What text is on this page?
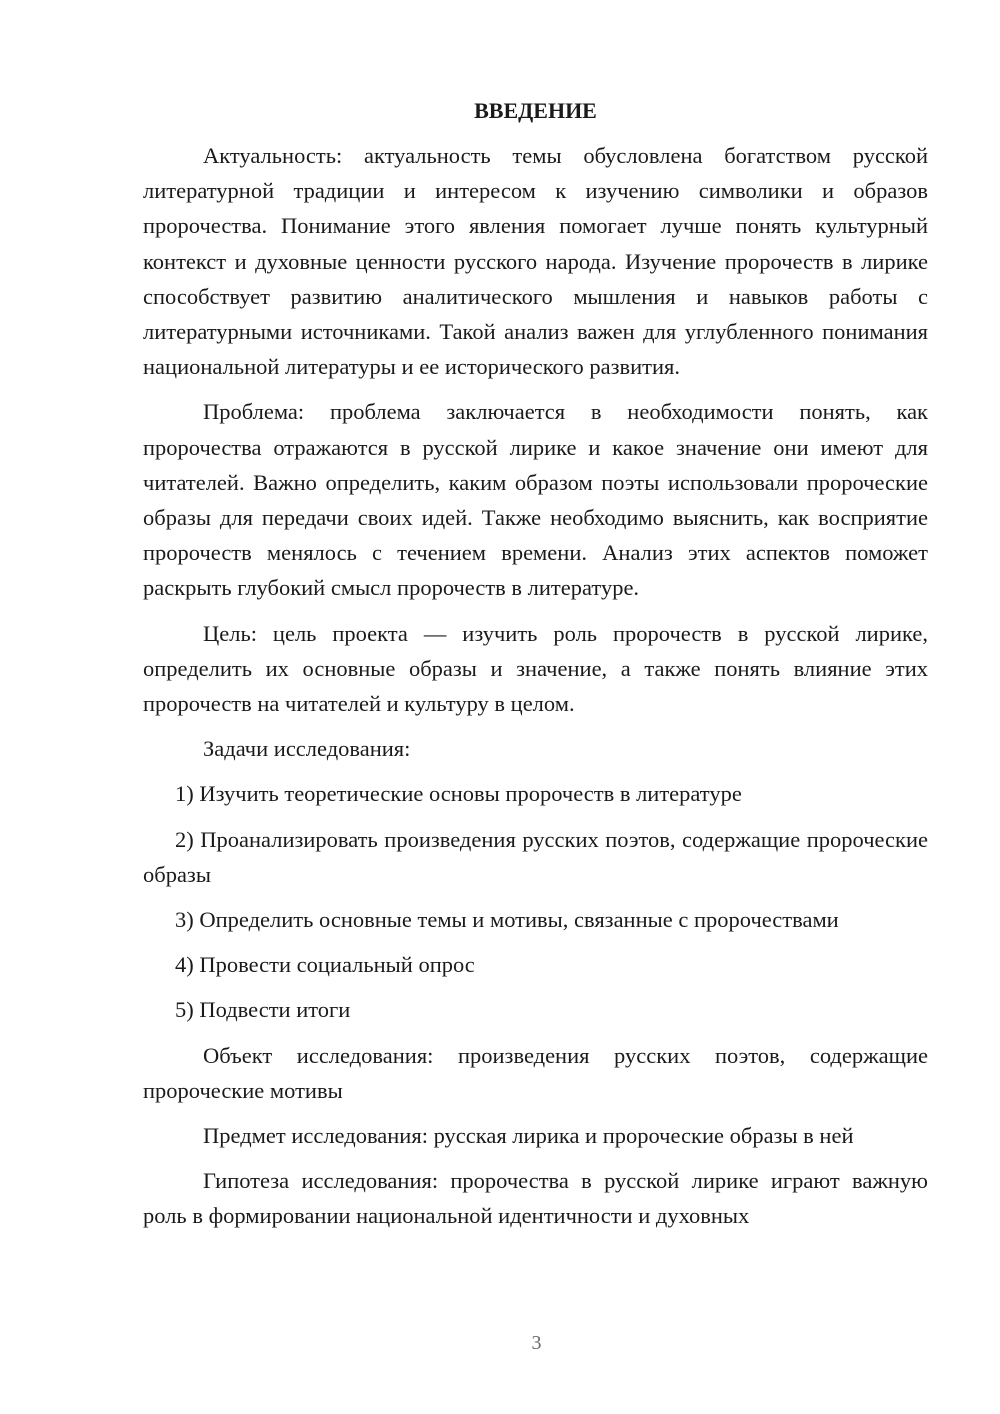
ВВЕДЕНИЕ

Актуальность: актуальность темы обусловлена богатством русской литературной традиции и интересом к изучению символики и образов пророчества. Понимание этого явления помогает лучше понять культурный контекст и духовные ценности русского народа. Изучение пророчеств в лирике способствует развитию аналитического мышления и навыков работы с литературными источниками. Такой анализ важен для углубленного понимания национальной литературы и ее исторического развития.

Проблема: проблема заключается в необходимости понять, как пророчества отражаются в русской лирике и какое значение они имеют для читателей. Важно определить, каким образом поэты использовали пророческие образы для передачи своих идей. Также необходимо выяснить, как восприятие пророчеств менялось с течением времени. Анализ этих аспектов поможет раскрыть глубокий смысл пророчеств в литературе.

Цель: цель проекта — изучить роль пророчеств в русской лирике, определить их основные образы и значение, а также понять влияние этих пророчеств на читателей и культуру в целом.

Задачи исследования:

1) Изучить теоретические основы пророчеств в литературе

2) Проанализировать произведения русских поэтов, содержащие пророческие образы

3) Определить основные темы и мотивы, связанные с пророчествами

4) Провести социальный опрос

5) Подвести итоги

Объект исследования: произведения русских поэтов, содержащие пророческие мотивы

Предмет исследования: русская лирика и пророческие образы в ней

Гипотеза исследования: пророчества в русской лирике играют важную роль в формировании национальной идентичности и духовных

3
